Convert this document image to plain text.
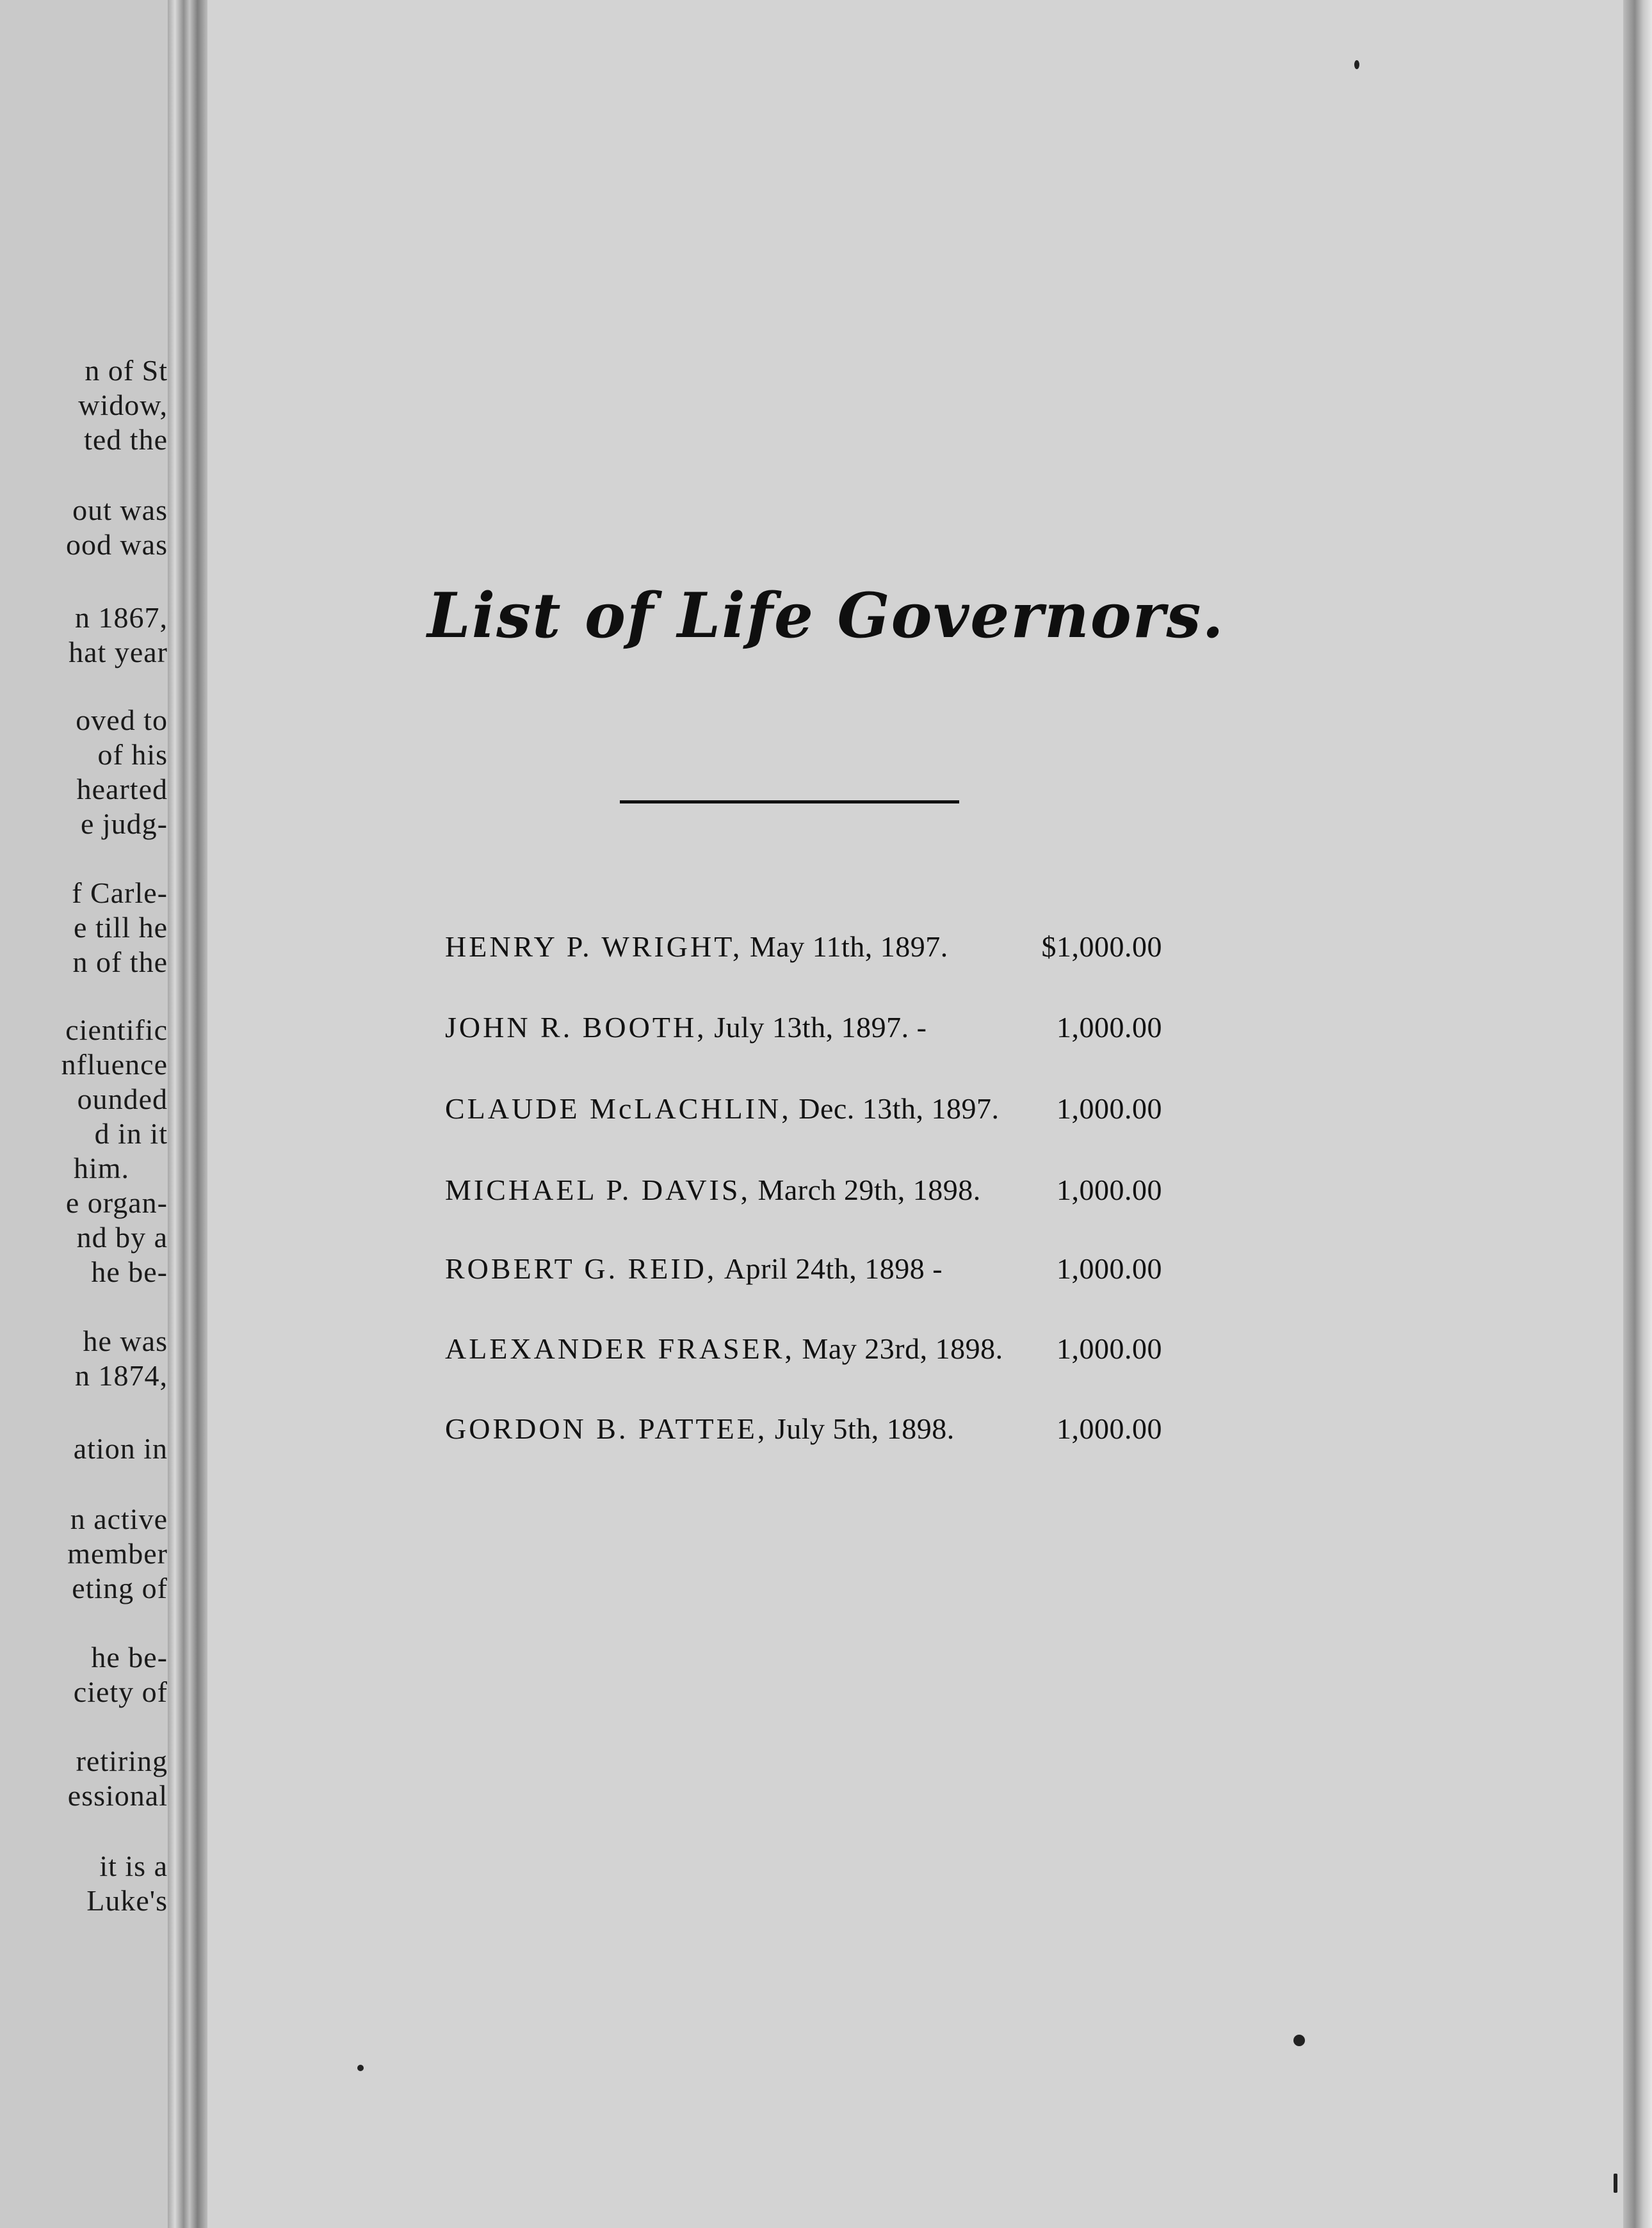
n of St
widow,
ted the
out was
ood was
n 1867,
hat year
oved to
of his
hearted
e judg-
f Carle-
e till he
n of the
cientific
nfluence
ounded
d in it
him.
e organ-
nd by a
he be-
he was
n 1874,
ation in
n active
member
eting of
he be-
ciety of
retiring
essional
it is a
Luke's
List of Life Governors.
HENRY P. WRIGHT, May 11th, 1897.	$1,000.00
JOHN R. BOOTH, July 13th, 1897. -	1,000.00
CLAUDE McLACHLIN, Dec. 13th, 1897. 1,000.00
MICHAEL P. DAVIS, March 29th, 1898.	1,000.00
ROBERT G. REID, April 24th, 1898 -	1,000.00
ALEXANDER FRASER, May 23rd, 1898. 1,000.00
GORDON B. PATTEE, July 5th, 1898.	1,000.00
